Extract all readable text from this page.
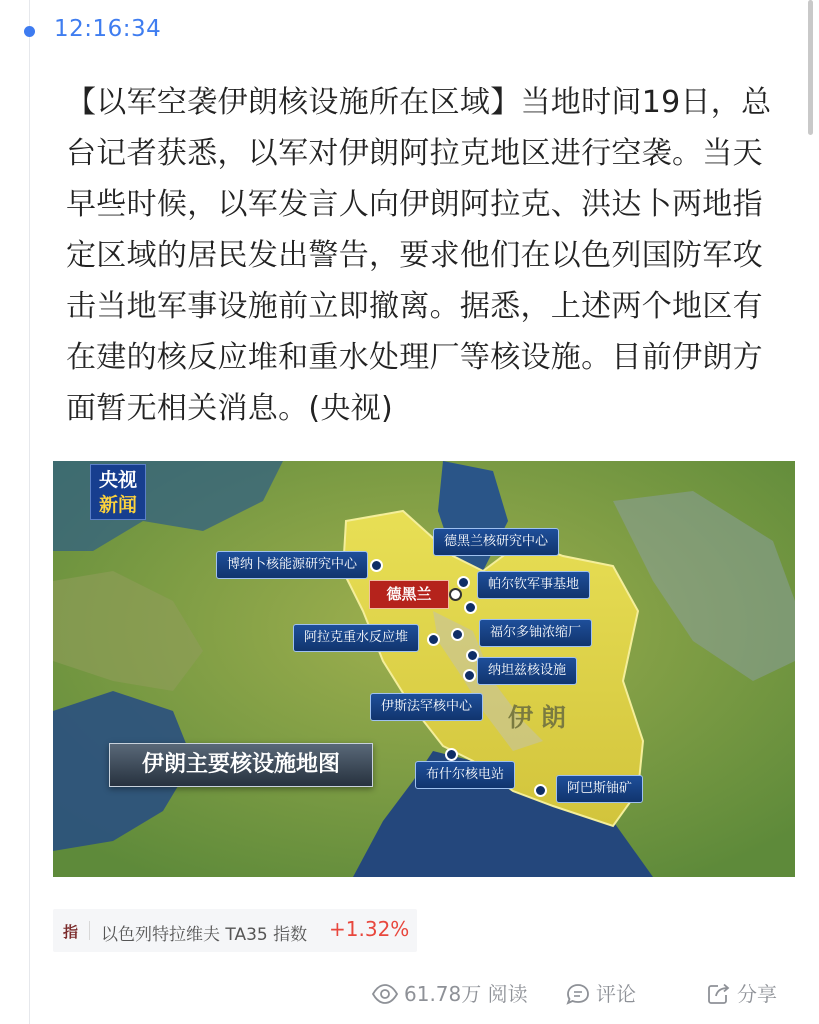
12:16:34

【以军空袭伊朗核设施所在区域】当地时间19日，总台记者获悉，以军对伊朗阿拉克地区进行空袭。当天早些时候，以军发言人向伊朗阿拉克、洪达卜两地指定区域的居民发出警告，要求他们在以色列国防军攻击当地军事设施前立即撤离。据悉，上述两个地区有在建的核反应堆和重水处理厂等核设施。目前伊朗方面暂无相关消息。(央视)

央视
新闻
德黑兰
博纳卜核能源研究中心
德黑兰核研究中心
帕尔钦军事基地
阿拉克重水反应堆	福尔多铀浓缩厂
纳坦兹核设施
伊斯法罕核中心
布什尔核电站
阿巴斯铀矿
伊朗
伊朗主要核设施地图
指 以色列特拉维夫 TA35 指数 +1.32%
61.78万 阅读	评论	分享
